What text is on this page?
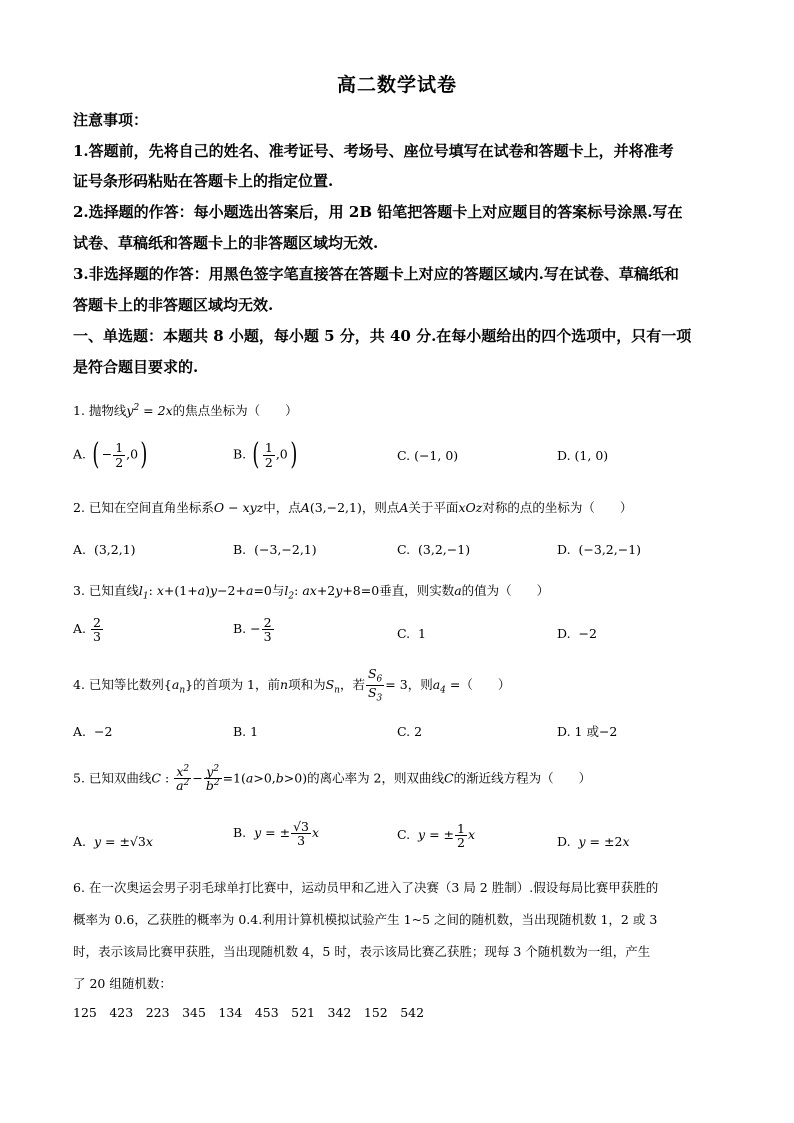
高二数学试卷
注意事项：
1.答题前，先将自己的姓名、准考证号、考场号、座位号填写在试卷和答题卡上，并将准考
证号条形码粘贴在答题卡上的指定位置.
2.选择题的作答：每小题选出答案后，用 2B 铅笔把答题卡上对应题目的答案标号涂黑.写在
试卷、草稿纸和答题卡上的非答题区域均无效.
3.非选择题的作答：用黑色签字笔直接答在答题卡上对应的答题区域内.写在试卷、草稿纸和
答题卡上的非答题区域均无效.
一、单选题：本题共 8 小题，每小题 5 分，共 40 分.在每小题给出的四个选项中，只有一项
是符合题目要求的.
1. 抛物线$y^2 = 2x$的焦点坐标为（　　）
A. ( − $\frac{1}{2} ,0$)	B. ( $\frac{1}{2} ,0$)	C. (−1, 0)	D. (1, 0)
2. 已知在空间直角坐标系O − xyz中，点A(3,−2,1)，则点A关于平面xOz对称的点的坐标为（　　）
A. (3,2,1)	B. (−3,−2,1)	C. (3,2,−1)	D. (−3,2,−1)
3. 已知直线$l_1$: x+(1+a)y−2+a=0与$l_2$: ax+2y+8=0垂直，则实数a的值为（　　）
A. $\frac{2}{3}$	B. − $\frac{2}{3}$	C. 1	D. −2
4. 已知等比数列$\{a_n\}$的首项为 1，前n项和为$S_n$，若 $\frac{S_6}{S_3} = 3$，则$a_4$ =（　　）
A. −2	B. 1	C. 2	D. 1 或−2
5. 已知双曲线C : $\frac{x^2}{a^2} - \frac{y^2}{b^2} =1(a>0,b>0)$的离心率为 2，则双曲线C的渐近线方程为（　　）
A. y = ±√3x
B. y = ± $\frac{√3}{3}$ x	C. y = ± $\frac{1}{2}$ x	D. y = ±2x
6. 在一次奥运会男子羽毛球单打比赛中，运动员甲和乙进入了决赛（3 局 2 胜制）.假设每局比赛甲获胜的
概率为 0.6，乙获胜的概率为 0.4.利用计算机模拟试验产生 1~5 之间的随机数，当出现随机数 1，2 或 3
时，表示该局比赛甲获胜，当出现随机数 4，5 时，表示该局比赛乙获胜；现每 3 个随机数为一组，产生
了 20 组随机数：
125　423　223　345　134　453　521　342　152　542
